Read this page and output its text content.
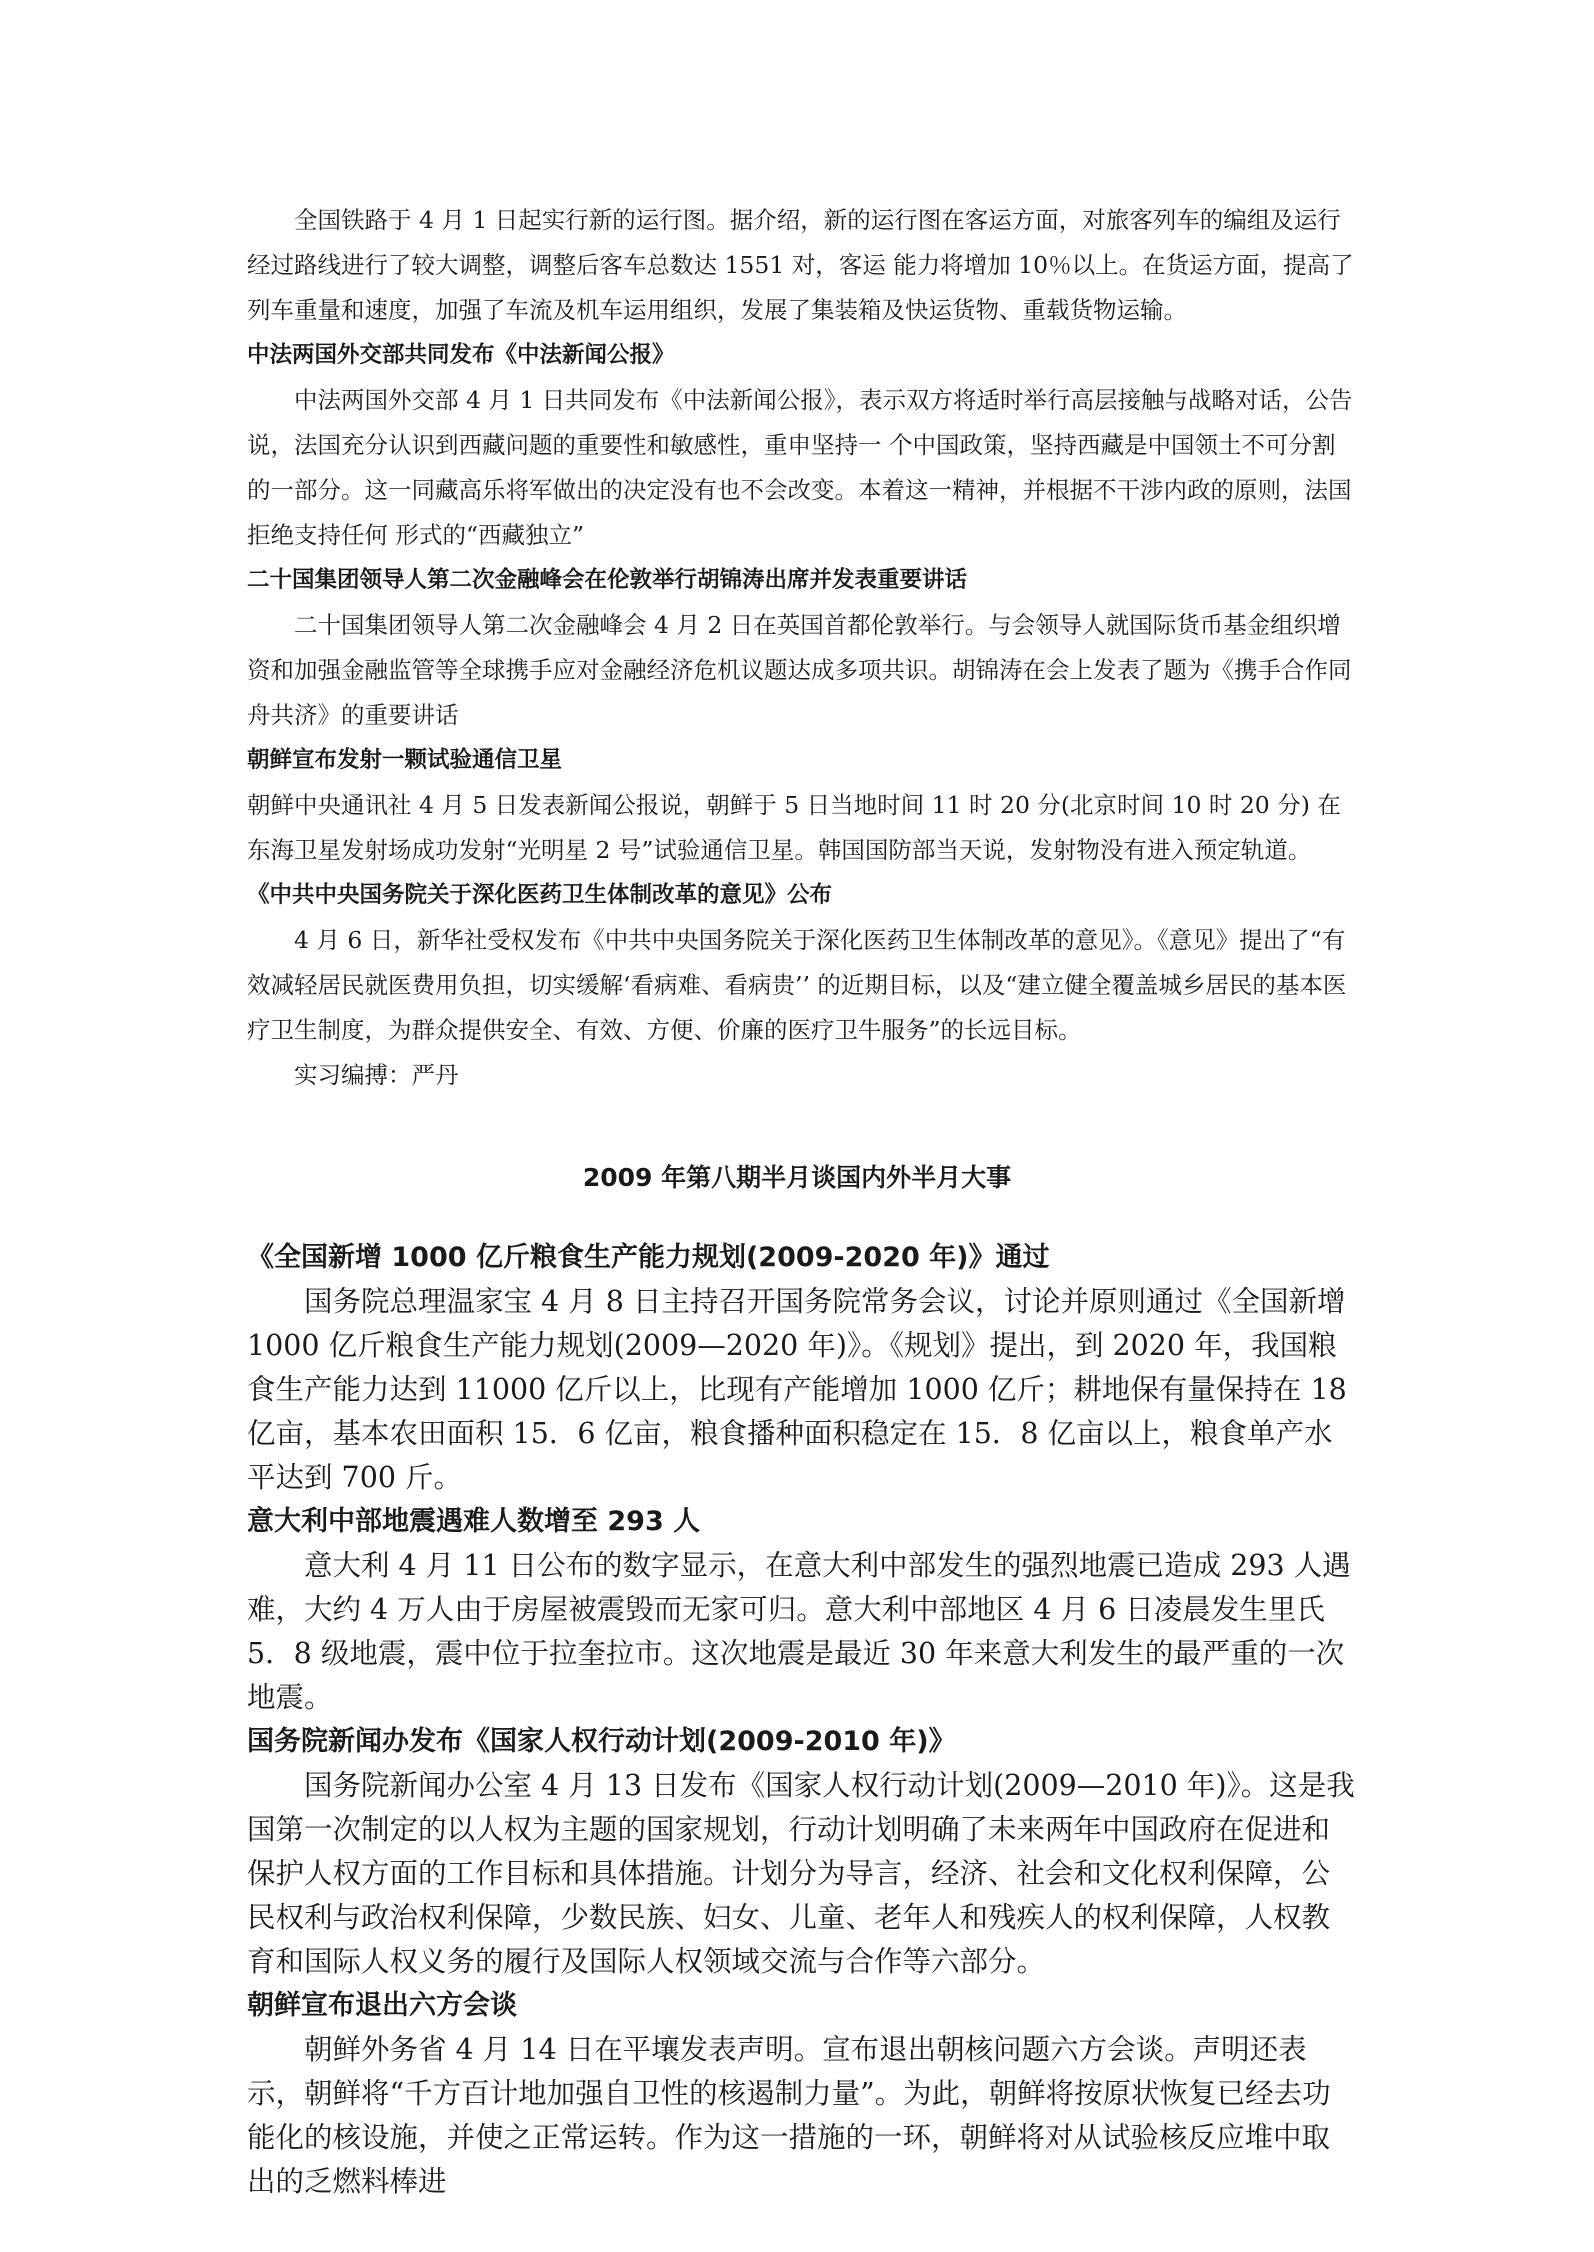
全国铁路于 4 月 1 日起实行新的运行图。据介绍，新的运行图在客运方面，对旅客列车的编组及运行经过路线进行了较大调整，调整后客车总数达 1551 对，客运 能力将增加 10％以上。在货运方面，提高了列车重量和速度，加强了车流及机车运用组织，发展了集装箱及快运货物、重载货物运输。

中法两国外交部共同发布《中法新闻公报》

中法两国外交部 4 月 1 日共同发布《中法新闻公报》，表示双方将适时举行高层接触与战略对话，公告说，法国充分认识到西藏问题的重要性和敏感性，重申坚持一 个中国政策，坚持西藏是中国领土不可分割的一部分。这一同藏高乐将军做出的决定没有也不会改变。本着这一精神，并根据不干涉内政的原则，法国拒绝支持任何 形式的“西藏独立”

二十国集团领导人第二次金融峰会在伦敦举行胡锦涛出席并发表重要讲话

二十国集团领导人第二次金融峰会 4 月 2 日在英国首都伦敦举行。与会领导人就国际货币基金组织增资和加强金融监管等全球携手应对金融经济危机议题达成多项共识。胡锦涛在会上发表了题为《携手合作同舟共济》的重要讲话

朝鲜宣布发射一颗试验通信卫星

朝鲜中央通讯社 4 月 5 日发表新闻公报说，朝鲜于 5 日当地时间 11 时 20 分(北京时间 10 时 20 分) 在东海卫星发射场成功发射“光明星 2 号”试验通信卫星。韩国国防部当天说，发射物没有进入预定轨道。

《中共中央国务院关于深化医药卫生体制改革的意见》公布

4 月 6 日，新华社受权发布《中共中央国务院关于深化医药卫生体制改革的意见》。《意见》提出了“有效减轻居民就医费用负担，切实缓解‘看病难、看病贵’’ 的近期目标，以及“建立健全覆盖城乡居民的基本医疗卫生制度，为群众提供安全、有效、方便、价廉的医疗卫牛服务”的长远目标。

实习编搏：严丹

2009 年第八期半月谈国内外半月大事

《全国新增 1000 亿斤粮食生产能力规划(2009-2020 年)》通过

国务院总理温家宝 4 月 8 日主持召开国务院常务会议，讨论并原则通过《全国新增 1000 亿斤粮食生产能力规划(2009—2020 年)》。《规划》提出，到 2020 年，我国粮食生产能力达到 11000 亿斤以上，比现有产能增加 1000 亿斤；耕地保有量保持在 18 亿亩，基本农田面积 15．6 亿亩，粮食播种面积稳定在 15．8 亿亩以上，粮食单产水平达到 700 斤。

意大利中部地震遇难人数增至 293 人

意大利 4 月 11 日公布的数字显示，在意大利中部发生的强烈地震已造成 293 人遇难，大约 4 万人由于房屋被震毁而无家可归。意大利中部地区 4 月 6 日凌晨发生里氏 5．8 级地震，震中位于拉奎拉市。这次地震是最近 30 年来意大利发生的最严重的一次地震。

国务院新闻办发布《国家人权行动计划(2009-2010 年)》

国务院新闻办公室 4 月 13 日发布《国家人权行动计划(2009—2010 年)》。这是我国第一次制定的以人权为主题的国家规划，行动计划明确了未来两年中国政府在促进和保护人权方面的工作目标和具体措施。计划分为导言，经济、社会和文化权利保障，公民权利与政治权利保障，少数民族、妇女、儿童、老年人和残疾人的权利保障，人权教育和国际人权义务的履行及国际人权领域交流与合作等六部分。

朝鲜宣布退出六方会谈

朝鲜外务省 4 月 14 日在平壤发表声明。宣布退出朝核问题六方会谈。声明还表示，朝鲜将“千方百计地加强自卫性的核遏制力量”。为此，朝鲜将按原状恢复已经去功能化的核设施，并使之正常运转。作为这一措施的一环，朝鲜将对从试验核反应堆中取出的乏燃料棒进
